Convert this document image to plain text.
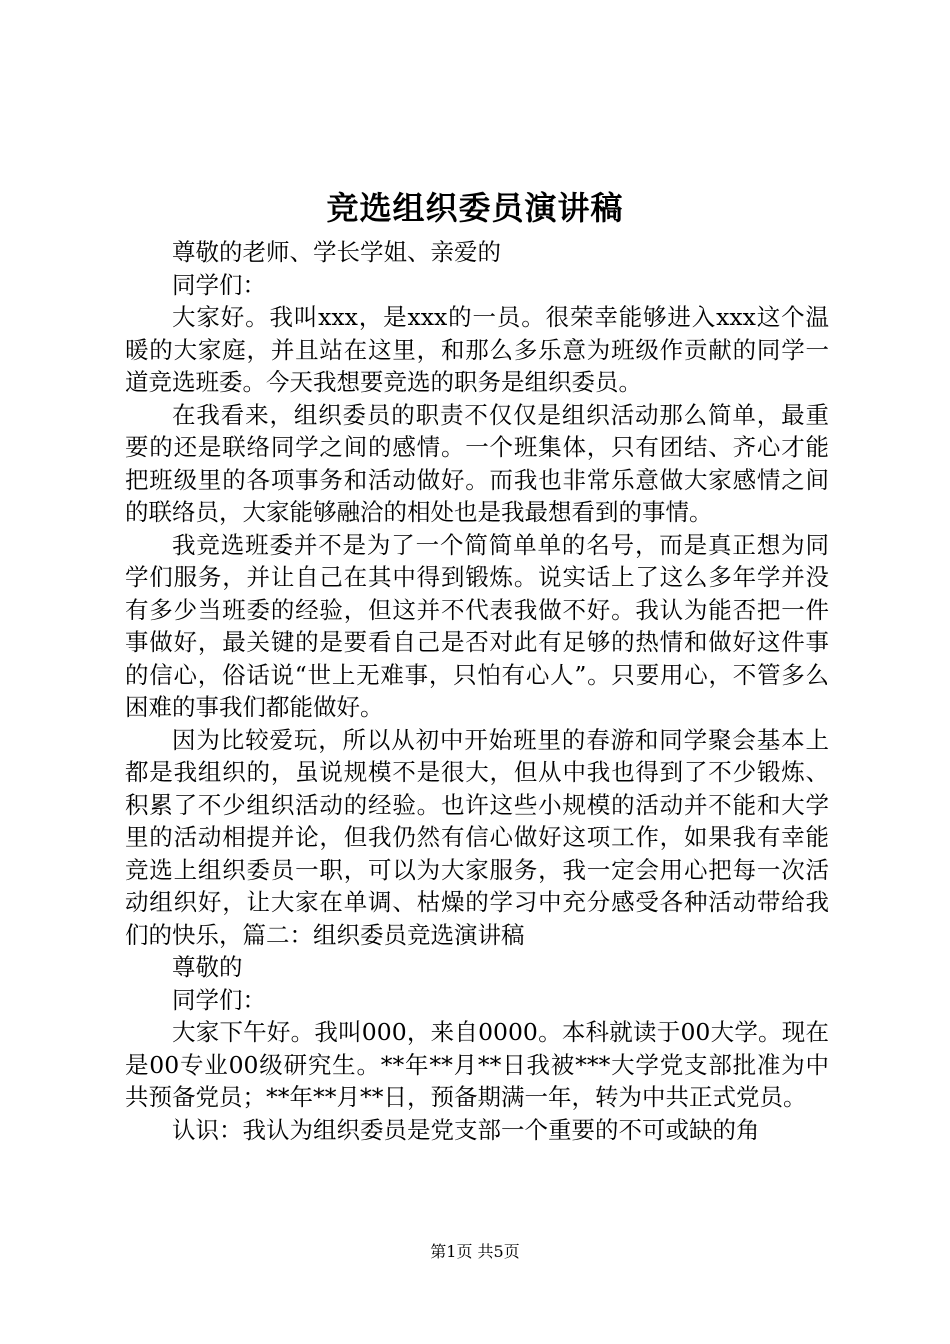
竞选组织委员演讲稿

尊敬的老师、学长学姐、亲爱的

同学们：

大家好。我叫xxx，是xxx的一员。很荣幸能够进入xxx这个温暖的大家庭，并且站在这里，和那么多乐意为班级作贡献的同学一道竞选班委。今天我想要竞选的职务是组织委员。

在我看来，组织委员的职责不仅仅是组织活动那么简单，最重要的还是联络同学之间的感情。一个班集体，只有团结、齐心才能把班级里的各项事务和活动做好。而我也非常乐意做大家感情之间的联络员，大家能够融洽的相处也是我最想看到的事情。

我竞选班委并不是为了一个简简单单的名号，而是真正想为同学们服务，并让自己在其中得到锻炼。说实话上了这么多年学并没有多少当班委的经验，但这并不代表我做不好。我认为能否把一件事做好，最关键的是要看自己是否对此有足够的热情和做好这件事的信心，俗话说“世上无难事，只怕有心人”。只要用心，不管多么困难的事我们都能做好。

因为比较爱玩，所以从初中开始班里的春游和同学聚会基本上都是我组织的，虽说规模不是很大，但从中我也得到了不少锻炼、积累了不少组织活动的经验。也许这些小规模的活动并不能和大学里的活动相提并论，但我仍然有信心做好这项工作，如果我有幸能竞选上组织委员一职，可以为大家服务，我一定会用心把每一次活动组织好，让大家在单调、枯燥的学习中充分感受各种活动带给我们的快乐，篇二：组织委员竞选演讲稿

尊敬的

同学们：

大家下午好。我叫000，来自0000。本科就读于00大学。现在是00专业00级研究生。**年**月**日我被***大学党支部批准为中共预备党员；**年**月**日，预备期满一年，转为中共正式党员。

认识：我认为组织委员是党支部一个重要的不可或缺的角

第1页 共5页
